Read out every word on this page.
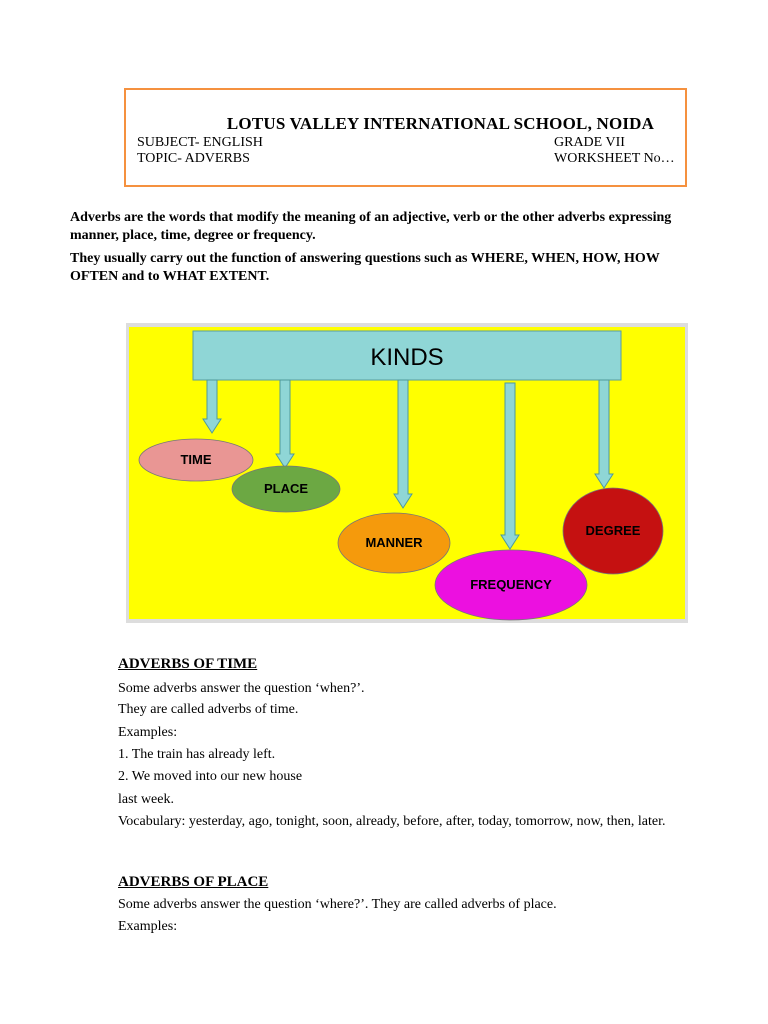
LOTUS VALLEY INTERNATIONAL SCHOOL, NOIDA
SUBJECT- ENGLISH	GRADE VII
TOPIC- ADVERBS	WORKSHEET No…
Adverbs are the words that modify the meaning of an adjective, verb or the other adverbs expressing manner, place, time, degree or frequency.
They usually carry out the function of answering questions such as WHERE, WHEN, HOW, HOW OFTEN and to WHAT EXTENT.
KINDS
TIME
PLACE
MANNER
FREQUENCY
DEGREE
ADVERBS OF TIME
Some adverbs answer the question ‘when?’.
They are called adverbs of time.
Examples:
1. The train has already left.
2. We moved into our new house
last week.
Vocabulary: yesterday, ago, tonight, soon, already, before, after, today, tomorrow, now, then, later.
ADVERBS OF PLACE
Some adverbs answer the question ‘where?’. They are called adverbs of place.
Examples:
